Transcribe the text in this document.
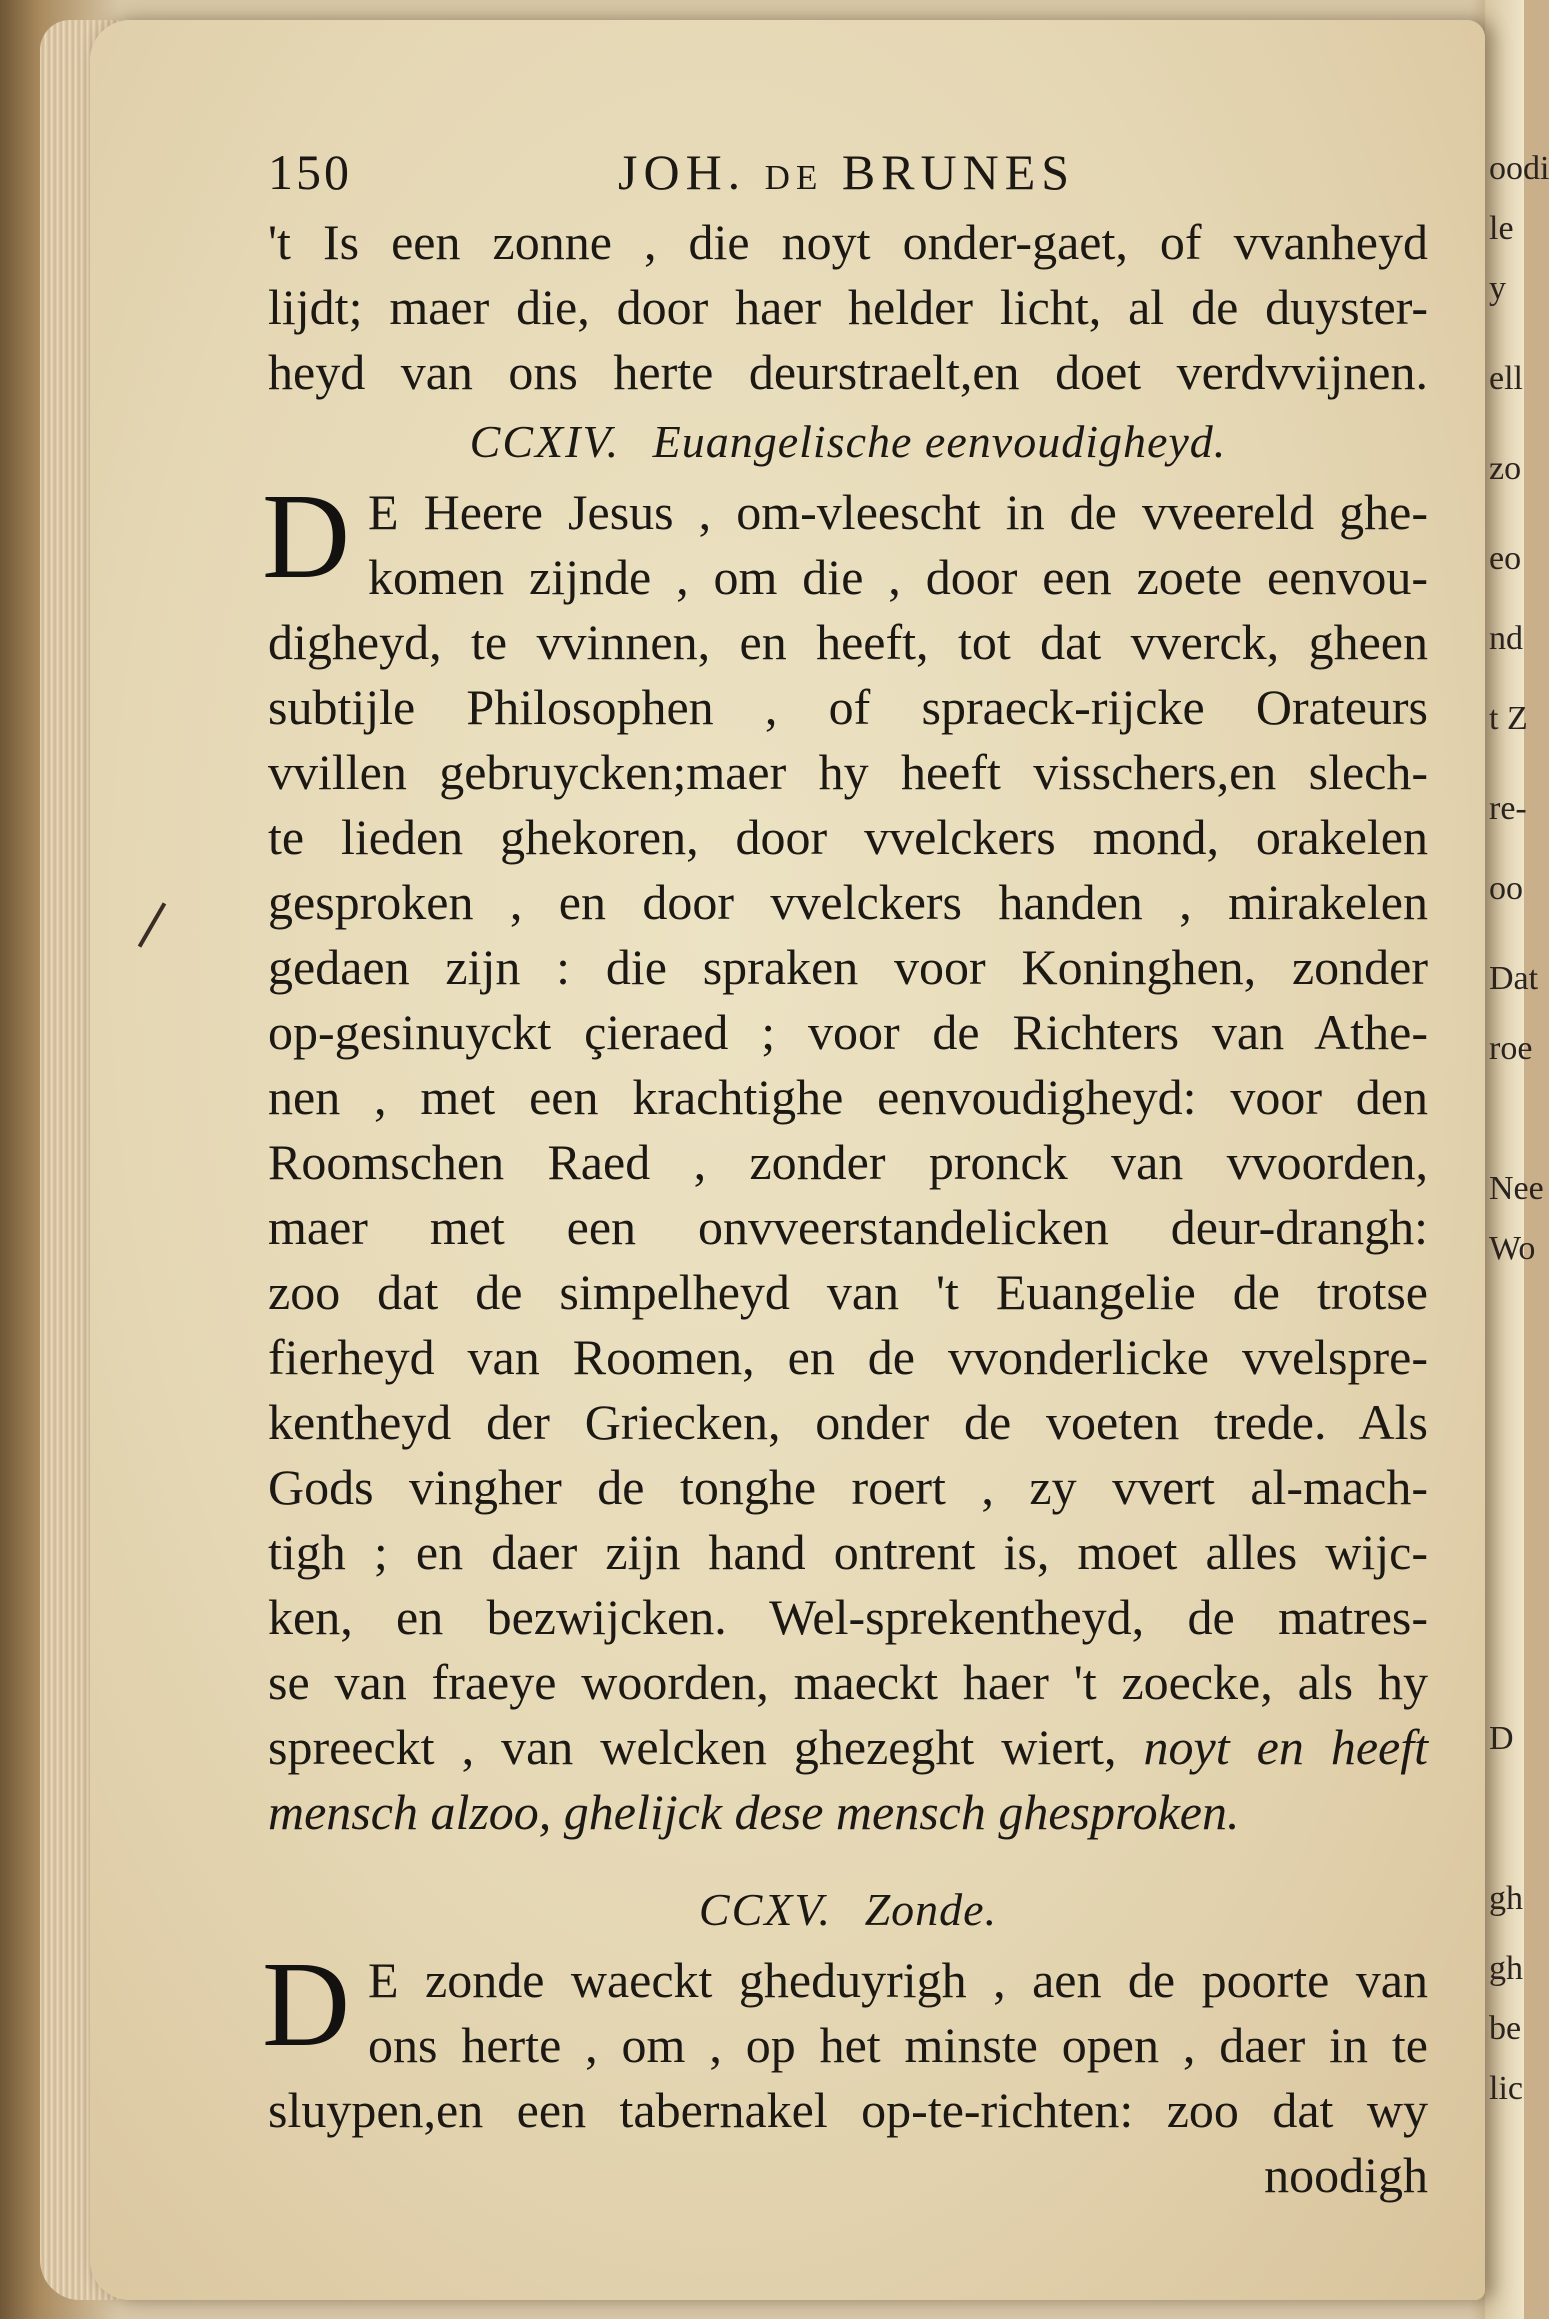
oodi
le
y
ell
zo
eo
nd
t Z
re-
oo
Dat
roe
Nee
Wo
D
gh
gh
be
lic
150	JOH. de BRUNES
't Is een zonne , die noyt onder-gaet, of vvanheyd
lijdt; maer die, door haer helder licht, al de duyster-
heyd van ons herte deurstraelt,en doet verdvvijnen.
CCXIV. Euangelische eenvoudigheyd.
D E Heere Jesus , om-vleescht in de vveereld ghe-
komen zijnde , om die , door een zoete eenvou-
digheyd, te vvinnen, en heeft, tot dat vverck, gheen
subtijle Philosophen , of spraeck-rijcke Orateurs
vvillen gebruycken;maer hy heeft visschers,en slech-
te lieden ghekoren, door vvelckers mond, orakelen
gesproken , en door vvelckers handen , mirakelen
gedaen zijn : die spraken voor Koninghen, zonder
op-gesinuyckt çieraed ; voor de Richters van Athe-
nen , met een krachtighe eenvoudigheyd: voor den
Roomschen Raed , zonder pronck van vvoorden,
maer met een onvveerstandelicken deur-drangh:
zoo dat de simpelheyd van 't Euangelie de trotse
fierheyd van Roomen, en de vvonderlicke vvelspre-
kentheyd der Griecken, onder de voeten trede. Als
Gods vingher de tonghe roert , zy vvert al-mach-
tigh ; en daer zijn hand ontrent is, moet alles wijc-
ken, en bezwijcken. Wel-sprekentheyd, de matres-
se van fraeye woorden, maeckt haer 't zoecke, als hy
spreeckt , van welcken ghezeght wiert, noyt en heeft
mensch alzoo, ghelijck dese mensch ghesproken.
CCXV. Zonde.
D E zonde waeckt gheduyrigh , aen de poorte van
ons herte , om , op het minste open , daer in te
sluypen,en een tabernakel op-te-richten: zoo dat wy
noodigh
